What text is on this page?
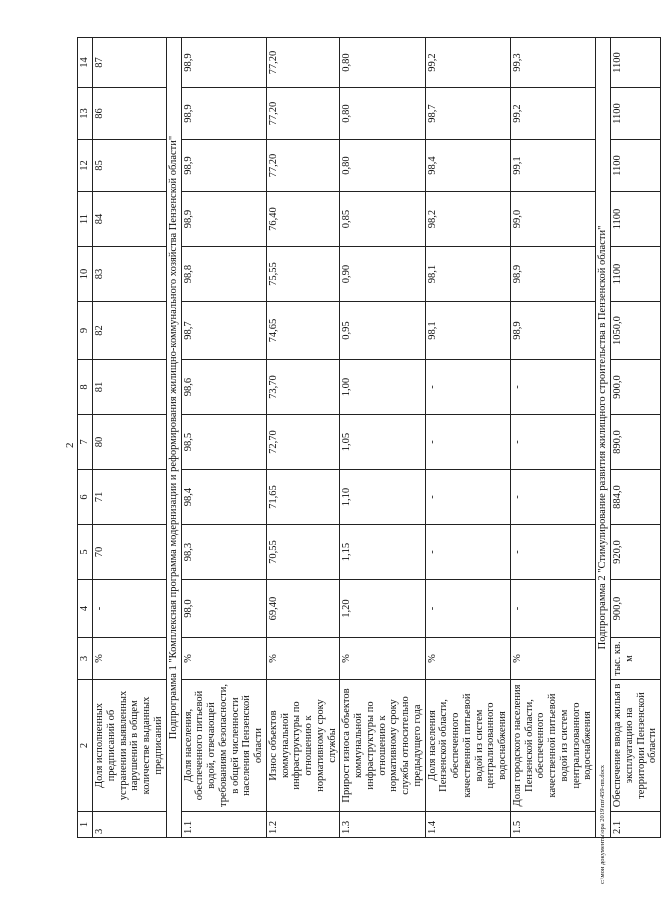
2
1	2	3	4	5	6	7	8	9	10	11	12	13	14
3	Доля исполненных предписаний об устранении выявленных нарушений в общем количестве выданных предписаний	%	-	70	71	80	81	82	83	84	85	86	87
Подпрограмма 1 "Комплексная программа модернизации и реформирования жилищно-коммунального хозяйства Пензенской области"													
1.1	Доля населения, обеспеченного питьевой водой, отвечающей требованиям безопасности, в общей численности населения Пензенской области	%	98,0	98,3	98,4	98,5	98,6	98,7	98,8	98,9	98,9	98,9	98,9
1.2	Износ объектов коммунальной инфраструктуры по отношению к нормативному сроку службы	%	69,40	70,55	71,65	72,70	73,70	74,65	75,55	76,40	77,20	77,20	77,20
1.3	Прирост износа объектов коммунальной инфраструктуры по отношению к нормативному сроку службы относительно предыдущего года	%	1,20	1,15	1,10	1,05	1,00	0,95	0,90	0,85	0,80	0,80	0,80
1.4	Доля населения Пензенской области, обеспеченного качественной питьевой водой из систем централизованного водоснабжения	%	-	-	-	-	-	98,1	98,1	98,2	98,4	98,7	99,2
1.5	Доля городского населения Пензенской области, обеспеченного качественной питьевой водой из систем централизованного водоснабжения	%	-	-	-	-	-	98,9	98,9	99,0	99,1	99,2	99,3
Подпрограмма 2 "Стимулирование развития жилищного строительства в Пензенской области"													
2.1	Обеспечение ввода жилья в эксплуатацию на территории Пензенской области	тыс. кв. м	900,0	920,0	884,0	890,0	900,0	1050,0	1100	1100	1100	1100	1100
c:\мои документы\ора 2019\пп\459-пп.docx
